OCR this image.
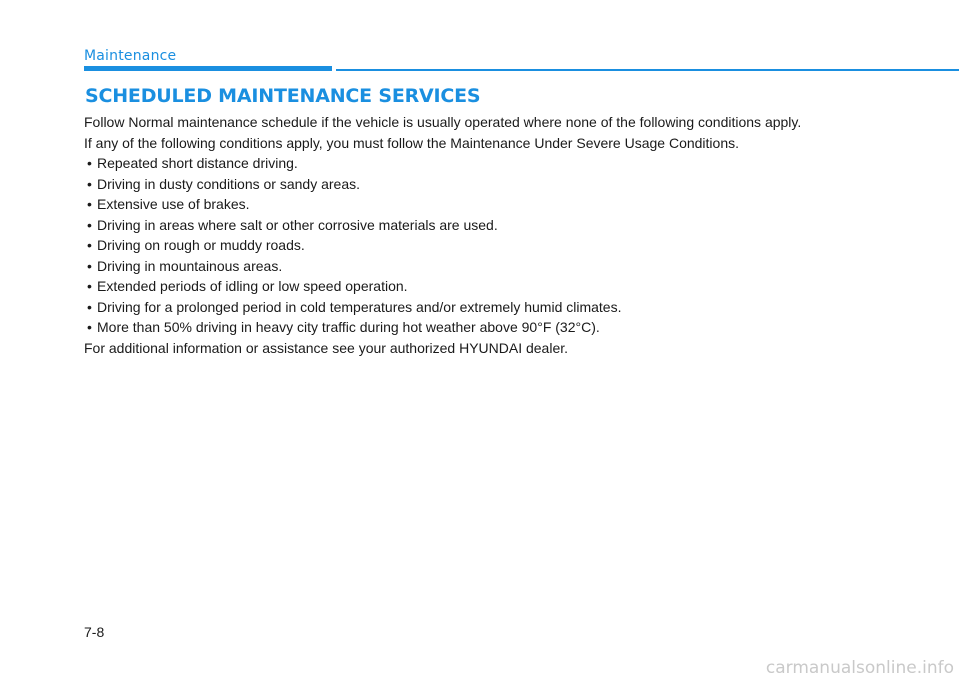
Maintenance
SCHEDULED MAINTENANCE SERVICES

Follow Normal maintenance schedule if the vehicle is usually operated where none of the following conditions apply.

If any of the following conditions apply, you must follow the Maintenance Under Severe Usage Conditions.

• Repeated short distance driving.
• Driving in dusty conditions or sandy areas.
• Extensive use of brakes.
• Driving in areas where salt or other corrosive materials are used.
• Driving on rough or muddy roads.
• Driving in mountainous areas.
• Extended periods of idling or low speed operation.
• Driving for a prolonged period in cold temperatures and/or extremely humid climates.
• More than 50% driving in heavy city traffic during hot weather above 90°F (32°C).

For additional information or assistance see your authorized HYUNDAI dealer.

7-8
carmanualsonline.info
